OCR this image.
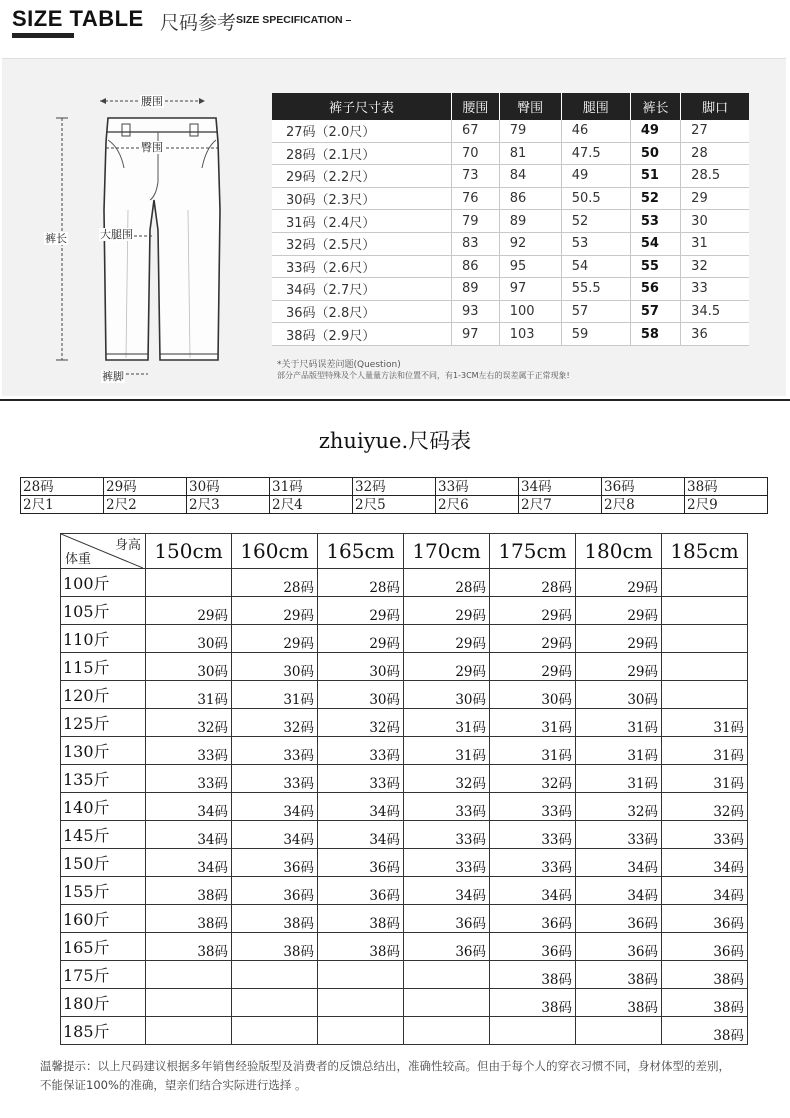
SIZE TABLE 尺码参考 SIZE SPECIFICATION –
腰围
臀围
大腿围
裤长
裤脚
裤子尺寸表	腰围	臀围	腿围	裤长	脚口
27码（2.0尺）	67	79	46	49	27
28码（2.1尺）	70	81	47.5	50	28
29码（2.2尺）	73	84	49	51	28.5
30码（2.3尺）	76	86	50.5	52	29
31码（2.4尺）	79	89	52	53	30
32码（2.5尺）	83	92	53	54	31
33码（2.6尺）	86	95	54	55	32
34码（2.7尺）	89	97	55.5	56	33
36码（2.8尺）	93	100	57	57	34.5
38码（2.9尺）	97	103	59	58	36
*关于尺码误差问题(Question)
部分产品版型特殊及个人量量方法和位置不同，有1-3CM左右的误差属于正常现象!
zhuiyue.尺码表
28码	29码	30码	31码	32码	33码	34码	36码	38码
2尺1	2尺2	2尺3	2尺4	2尺5	2尺6	2尺7	2尺8	2尺9
身高
体重	150cm	160cm	165cm	170cm	175cm	180cm	185cm
100斤		28码	28码	28码	28码	29码	
105斤	29码	29码	29码	29码	29码	29码	
110斤	30码	29码	29码	29码	29码	29码	
115斤	30码	30码	30码	29码	29码	29码	
120斤	31码	31码	30码	30码	30码	30码	
125斤	32码	32码	32码	31码	31码	31码	31码
130斤	33码	33码	33码	31码	31码	31码	31码
135斤	33码	33码	33码	32码	32码	31码	31码
140斤	34码	34码	34码	33码	33码	32码	32码
145斤	34码	34码	34码	33码	33码	33码	33码
150斤	34码	36码	36码	33码	33码	34码	34码
155斤	38码	36码	36码	34码	34码	34码	34码
160斤	38码	38码	38码	36码	36码	36码	36码
165斤	38码	38码	38码	36码	36码	36码	36码
175斤					38码	38码	38码
180斤					38码	38码	38码
185斤							38码
温馨提示：以上尺码建议根据多年销售经验版型及消费者的反馈总结出，准确性较高。但由于每个人的穿衣习惯不同，身材体型的差别，
不能保证100%的准确，望亲们结合实际进行选择 。
